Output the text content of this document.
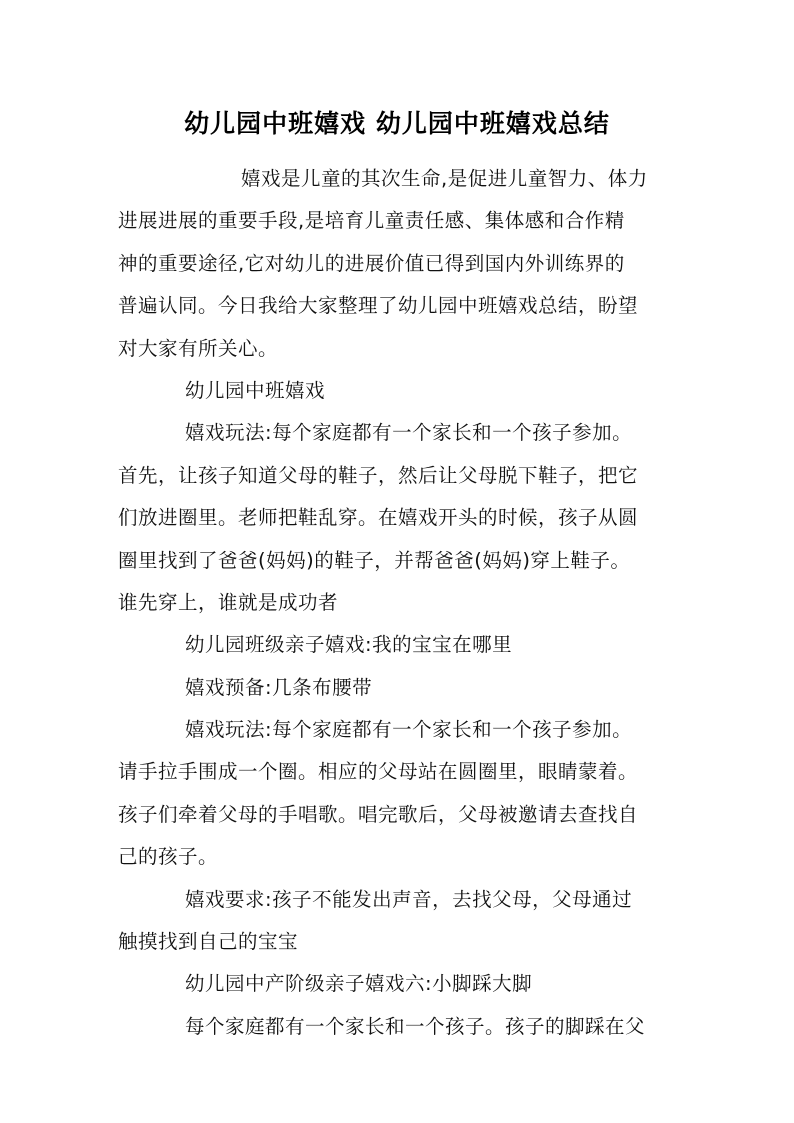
幼儿园中班嬉戏 幼儿园中班嬉戏总结
嬉戏是儿童的其次生命,是促进儿童智力、体力
进展进展的重要手段,是培育儿童责任感、集体感和合作精
神的重要途径,它对幼儿的进展价值已得到国内外训练界的
普遍认同。今日我给大家整理了幼儿园中班嬉戏总结，盼望
对大家有所关心。
幼儿园中班嬉戏
嬉戏玩法:每个家庭都有一个家长和一个孩子参加。
首先，让孩子知道父母的鞋子，然后让父母脱下鞋子，把它
们放进圈里。老师把鞋乱穿。在嬉戏开头的时候，孩子从圆
圈里找到了爸爸(妈妈)的鞋子，并帮爸爸(妈妈)穿上鞋子。
谁先穿上，谁就是成功者
幼儿园班级亲子嬉戏:我的宝宝在哪里
嬉戏预备:几条布腰带
嬉戏玩法:每个家庭都有一个家长和一个孩子参加。
请手拉手围成一个圈。相应的父母站在圆圈里，眼睛蒙着。
孩子们牵着父母的手唱歌。唱完歌后，父母被邀请去查找自
己的孩子。
嬉戏要求:孩子不能发出声音，去找父母，父母通过
触摸找到自己的宝宝
幼儿园中产阶级亲子嬉戏六:小脚踩大脚
每个家庭都有一个家长和一个孩子。孩子的脚踩在父
